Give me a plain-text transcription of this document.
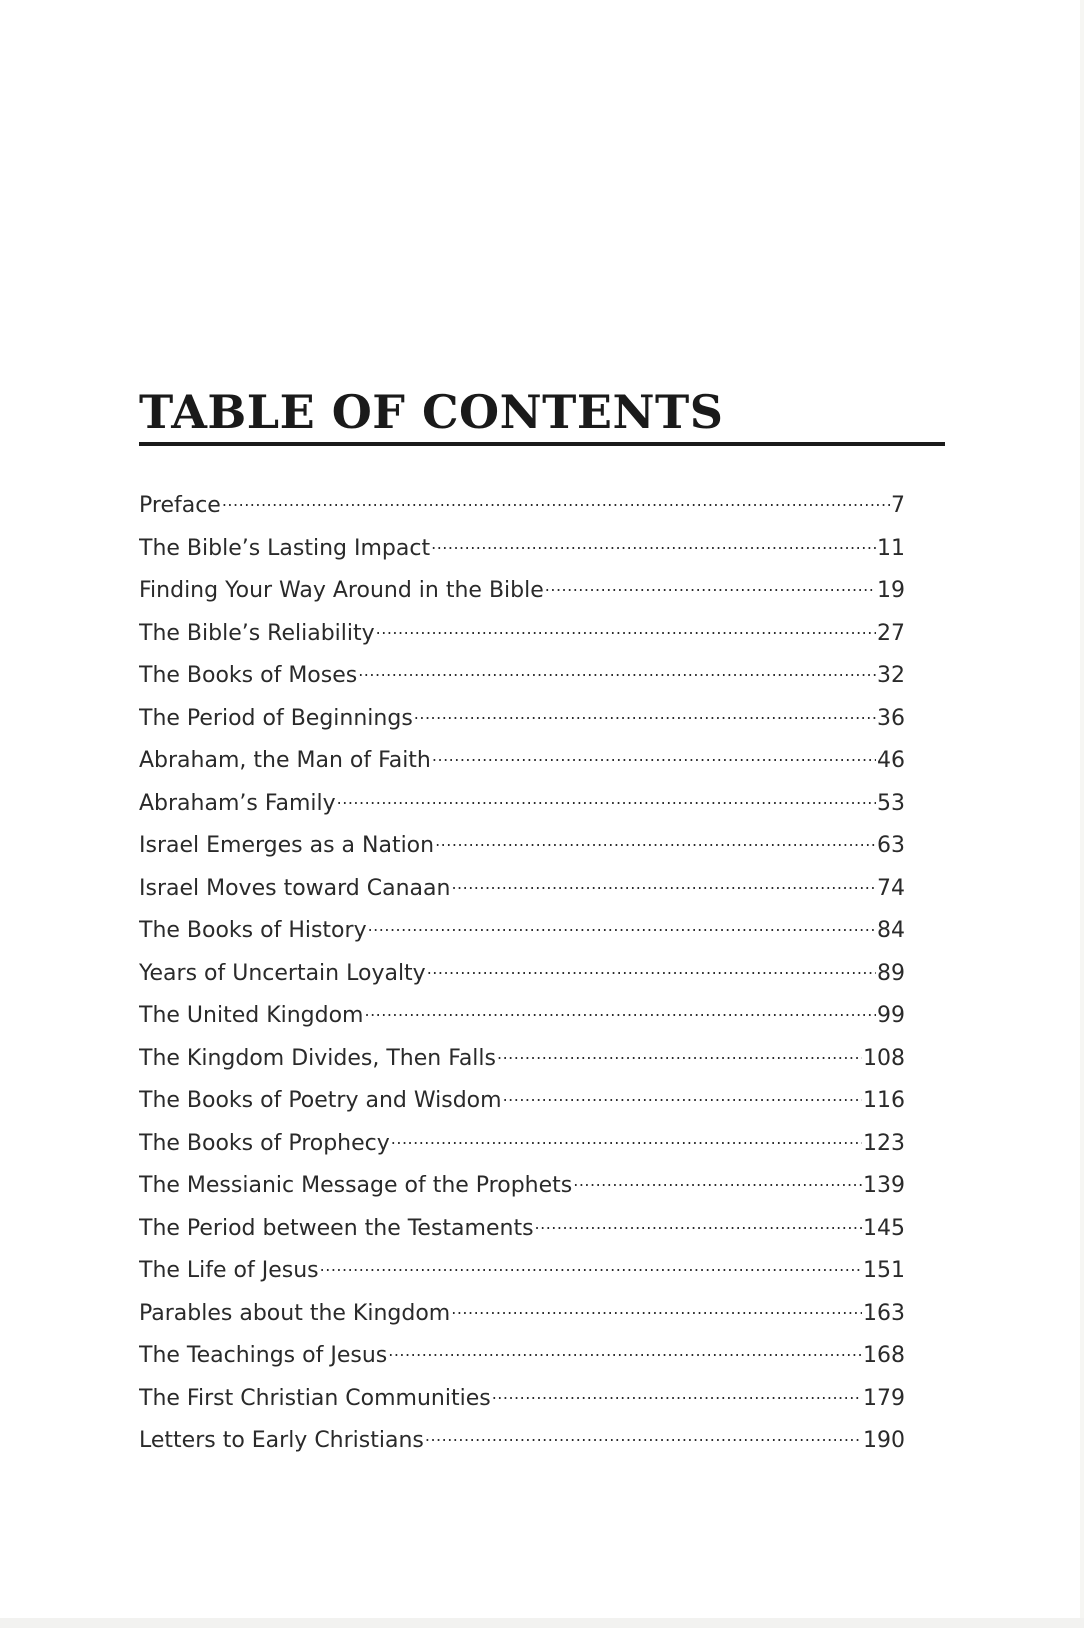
TABLE OF CONTENTS
Preface .....	7
The Bible’s Lasting Impact .....	11
Finding Your Way Around in the Bible .....	19
The Bible’s Reliability .....	27
The Books of Moses .....	32
The Period of Beginnings .....	36
Abraham, the Man of Faith .....	46
Abraham’s Family .....	53
Israel Emerges as a Nation .....	63
Israel Moves toward Canaan .....	74
The Books of History .....	84
Years of Uncertain Loyalty .....	89
The United Kingdom .....	99
The Kingdom Divides, Then Falls .....	108
The Books of Poetry and Wisdom .....	116
The Books of Prophecy .....	123
The Messianic Message of the Prophets .....	139
The Period between the Testaments .....	145
The Life of Jesus .....	151
Parables about the Kingdom .....	163
The Teachings of Jesus .....	168
The First Christian Communities .....	179
Letters to Early Christians .....	190
